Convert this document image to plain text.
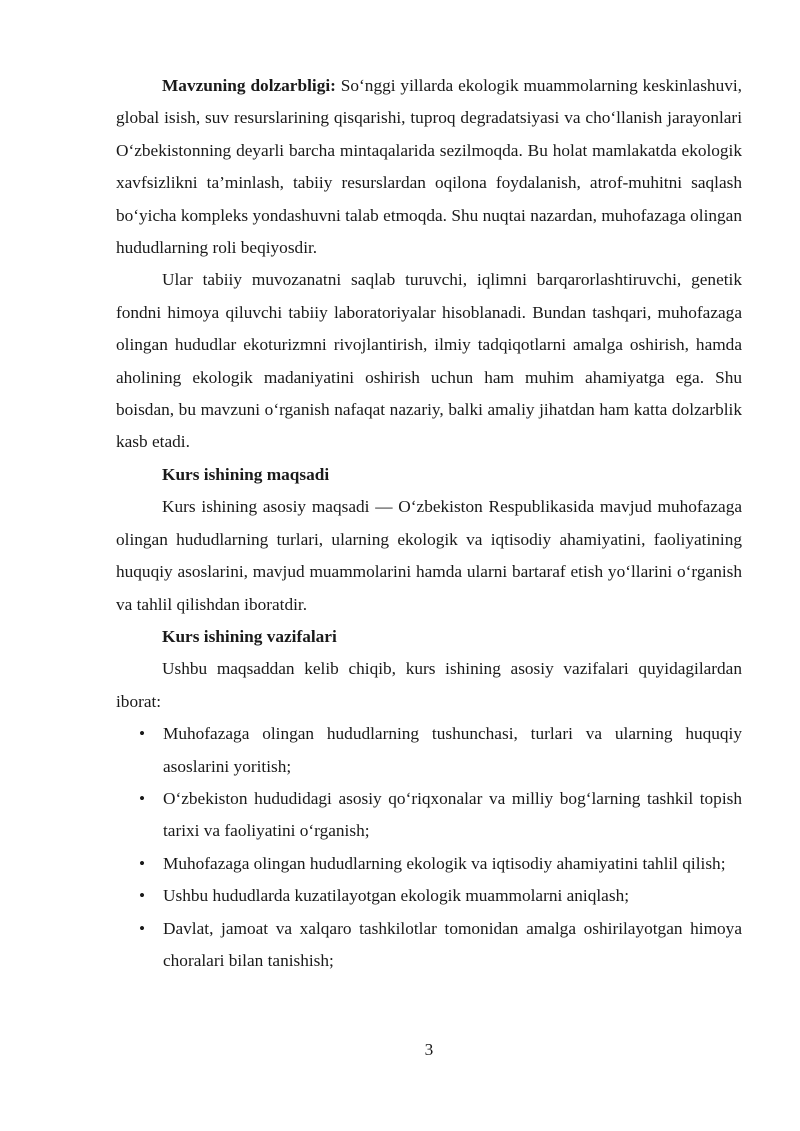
Mavzuning dolzarbligi: So‘nggi yillarda ekologik muammolarning keskinlashuvi, global isish, suv resurslarining qisqarishi, tuproq degradatsiyasi va cho‘llanish jarayonlari O‘zbekistonning deyarli barcha mintaqalarida sezilmoqda. Bu holat mamlakatda ekologik xavfsizlikni ta’minlash, tabiiy resurslardan oqilona foydalanish, atrof-muhitni saqlash bo‘yicha kompleks yondashuvni talab etmoqda. Shu nuqtai nazardan, muhofazaga olingan hududlarning roli beqiyosdir.

Ular tabiiy muvozanatni saqlab turuvchi, iqlimni barqarorlashtiruvchi, genetik fondni himoya qiluvchi tabiiy laboratoriyalar hisoblanadi. Bundan tashqari, muhofazaga olingan hududlar ekoturizmni rivojlantirish, ilmiy tadqiqotlarni amalga oshirish, hamda aholining ekologik madaniyatini oshirish uchun ham muhim ahamiyatga ega. Shu boisdan, bu mavzuni o‘rganish nafaqat nazariy, balki amaliy jihatdan ham katta dolzarblik kasb etadi.

Kurs ishining maqsadi

Kurs ishining asosiy maqsadi — O‘zbekiston Respublikasida mavjud muhofazaga olingan hududlarning turlari, ularning ekologik va iqtisodiy ahamiyatini, faoliyatining huquqiy asoslarini, mavjud muammolarini hamda ularni bartaraf etish yo‘llarini o‘rganish va tahlil qilishdan iboratdir.

Kurs ishining vazifalari

Ushbu maqsaddan kelib chiqib, kurs ishining asosiy vazifalari quyidagilardan iborat:

• Muhofazaga olingan hududlarning tushunchasi, turlari va ularning huquqiy asoslarini yoritish;
• O‘zbekiston hududidagi asosiy qo‘riqxonalar va milliy bog‘larning tashkil topish tarixi va faoliyatini o‘rganish;
• Muhofazaga olingan hududlarning ekologik va iqtisodiy ahamiyatini tahlil qilish;
• Ushbu hududlarda kuzatilayotgan ekologik muammolarni aniqlash;
• Davlat, jamoat va xalqaro tashkilotlar tomonidan amalga oshirilayotgan himoya choralari bilan tanishish;
3
